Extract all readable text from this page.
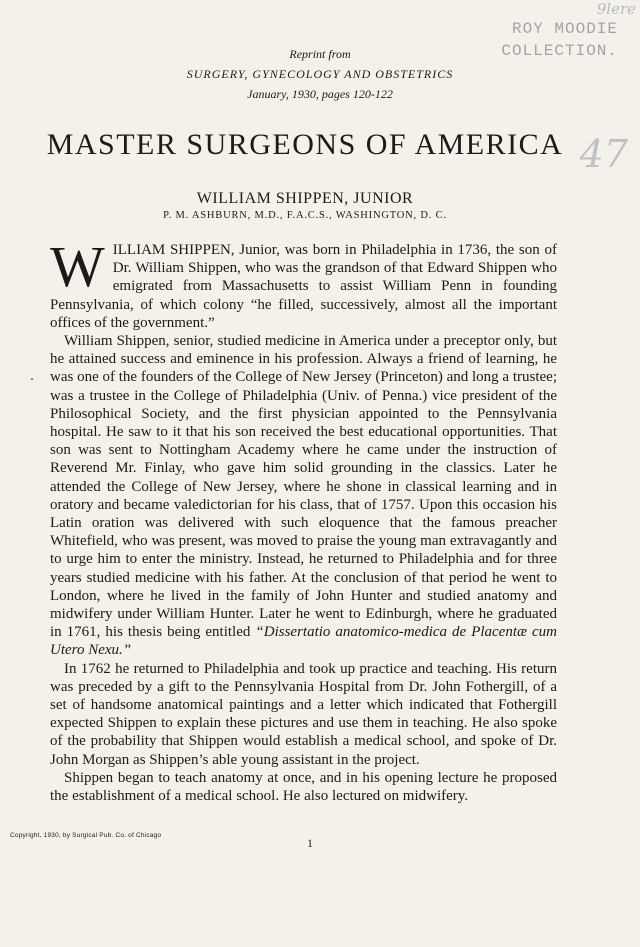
9lere
ROY MOODIE
COLLECTION.
47
Reprint from
SURGERY, GYNECOLOGY AND OBSTETRICS
January, 1930, pages 120-122
MASTER SURGEONS OF AMERICA
WILLIAM SHIPPEN, JUNIOR
P. M. ASHBURN, M.D., F.A.C.S., WASHINGTON, D. C.

WILLIAM SHIPPEN, Junior, was born in Philadelphia in 1736, the son of Dr. William Shippen, who was the grandson of that Edward Shippen who emigrated from Massachusetts to assist William Penn in founding Pennsylvania, of which colony “he filled, successively, almost all the important offices of the government.”

William Shippen, senior, studied medicine in America under a preceptor only, but he attained success and eminence in his profession. Always a friend of learning, he was one of the founders of the College of New Jersey (Princeton) and long a trustee; was a trustee in the College of Philadelphia (Univ. of Penna.) vice president of the Philosophical Society, and the first physician appointed to the Pennsylvania hospital. He saw to it that his son received the best educational opportunities. That son was sent to Nottingham Academy where he came under the instruction of Reverend Mr. Finlay, who gave him solid grounding in the classics. Later he attended the College of New Jersey, where he shone in classical learning and in oratory and became valedictorian for his class, that of 1757. Upon this occasion his Latin oration was delivered with such eloquence that the famous preacher Whitefield, who was present, was moved to praise the young man extravagantly and to urge him to enter the ministry. Instead, he returned to Philadelphia and for three years studied medicine with his father. At the conclusion of that period he went to London, where he lived in the family of John Hunter and studied anatomy and midwifery under William Hunter. Later he went to Edinburgh, where he graduated in 1761, his thesis being entitled “Dissertatio anatomico-medica de Placentæ cum Utero Nexu.”

In 1762 he returned to Philadelphia and took up practice and teaching. His return was preceded by a gift to the Pennsylvania Hospital from Dr. John Fothergill, of a set of handsome anatomical paintings and a letter which indicated that Fothergill expected Shippen to explain these pictures and use them in teaching. He also spoke of the probability that Shippen would establish a medical school, and spoke of Dr. John Morgan as Shippen’s able young assistant in the project.

Shippen began to teach anatomy at once, and in his opening lecture he proposed the establishment of a medical school. He also lectured on midwifery.

Copyright, 1930, by Surgical Pub. Co. of Chicago
1
